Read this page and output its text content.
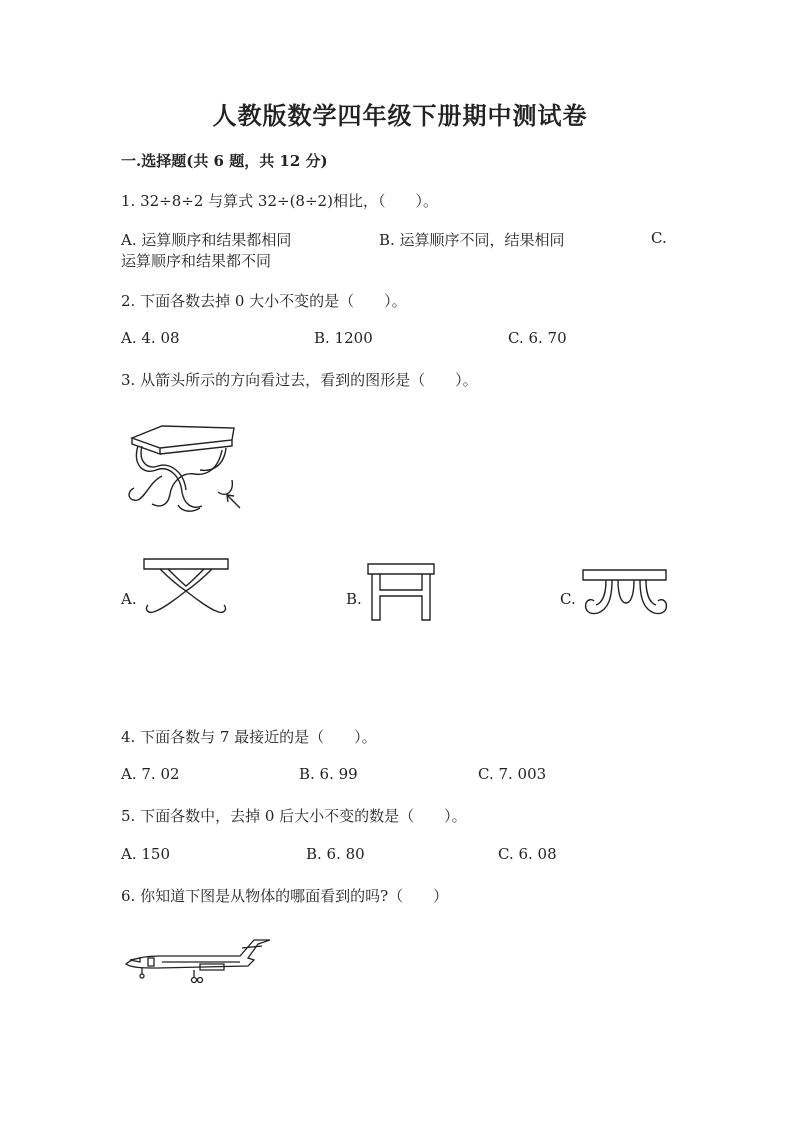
人教版数学四年级下册期中测试卷
一.选择题(共 6 题，共 12 分)
1. 32÷8÷2 与算式 32÷(8÷2)相比，（　　）。
A. 运算顺序和结果都相同	B. 运算顺序不同，结果相同	C.
运算顺序和结果都不同
2. 下面各数去掉 0 大小不变的是（　　）。
A. 4. 08	B. 1200	C. 6. 70
3. 从箭头所示的方向看过去，看到的图形是（　　）。
A.	B.	C.
4. 下面各数与 7 最接近的是（　　）。
A. 7. 02	B. 6. 99	C. 7. 003
5. 下面各数中，去掉 0 后大小不变的数是（　　）。
A. 150	B. 6. 80	C. 6. 08
6. 你知道下图是从物体的哪面看到的吗?（　　）
